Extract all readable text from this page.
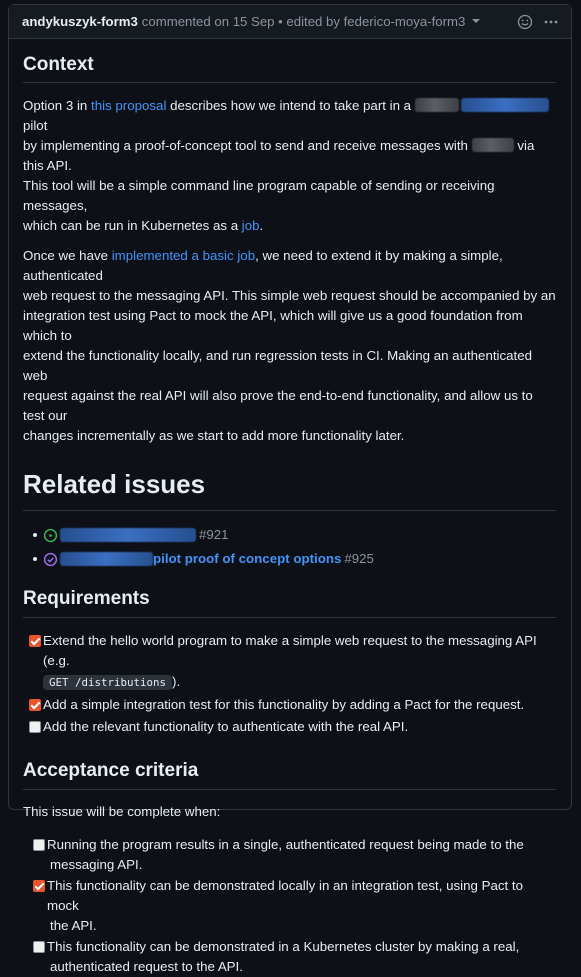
andykuszyk-form3 commented on 15 Sep • edited by federico-moya-form3
Context

Option 3 in this proposal describes how we intend to take part in a  pilot
by implementing a proof-of-concept tool to send and receive messages with	via this API.
This tool will be a simple command line program capable of sending or receiving messages,
which can be run in Kubernetes as a job.

Once we have implemented a basic job, we need to extend it by making a simple, authenticated
web request to the messaging API. This simple web request should be accompanied by an
integration test using Pact to mock the API, which will give us a good foundation from which to
extend the functionality locally, and run regression tests in CI. Making an authenticated web
request against the real API will also prove the end-to-end functionality, and allow us to test our
changes incrementally as we start to add more functionality later.

Related issues
#921
pilot proof of concept options #925
Requirements
Extend the hello world program to make a simple web request to the messaging API (e.g.
GET /distributions ).
Add a simple integration test for this functionality by adding a Pact for the request.
Add the relevant functionality to authenticate with the real API.
Acceptance criteria

This issue will be complete when:

Running the program results in a single, authenticated request being made to the
messaging API.
This functionality can be demonstrated locally in an integration test, using Pact to mock
the API.
This functionality can be demonstrated in a Kubernetes cluster by making a real,
authenticated request to the API.
